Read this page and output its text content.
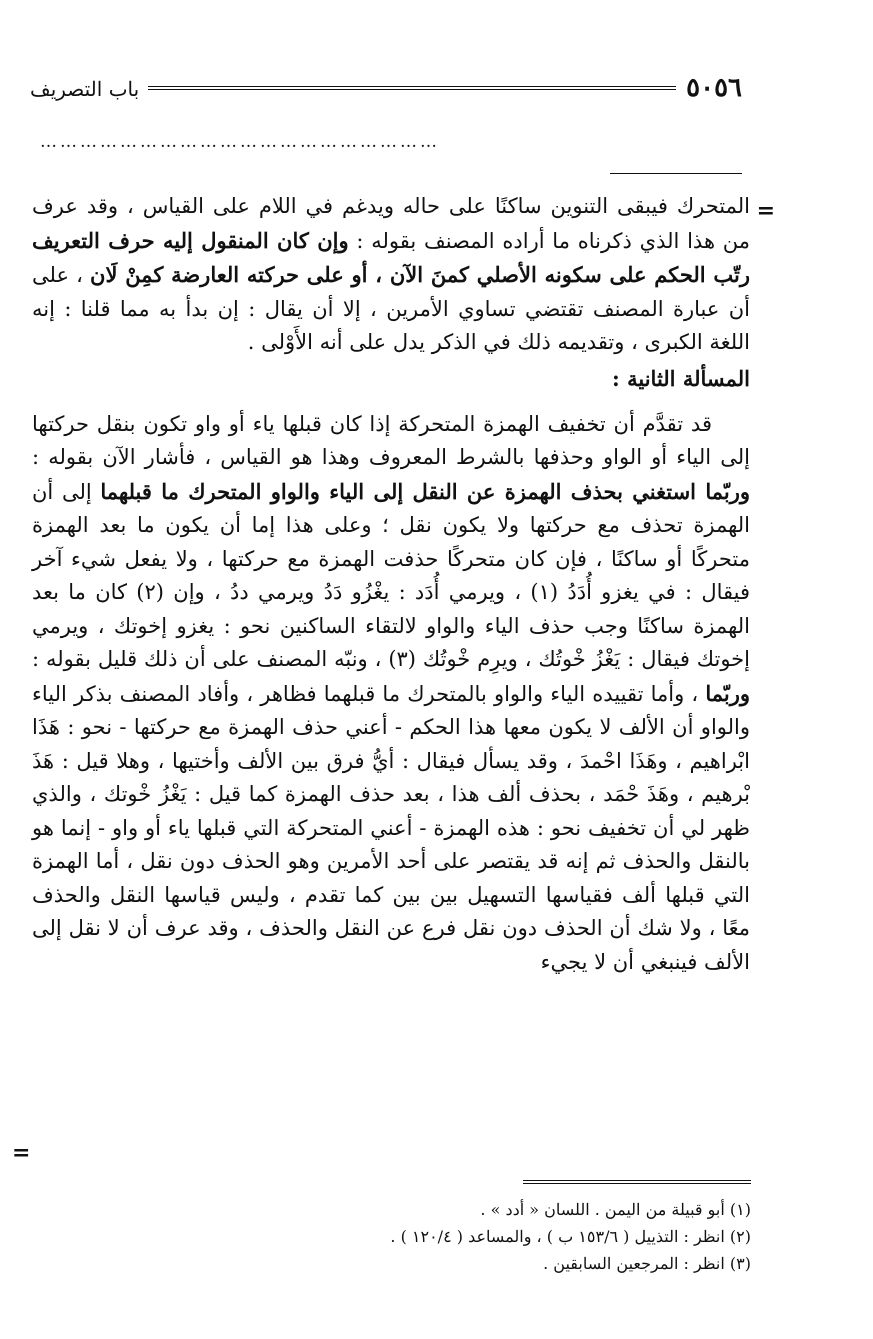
٥٠٥٦
باب التصريف
……………………………………………………
=

المتحرك فيبقى التنوين ساكنًا على حاله ويدغم في اللام على القياس ، وقد عرف من هذا الذي ذكرناه ما أراده المصنف بقوله : وإن كان المنقول إليه حرف التعريف رتّب الحكم على سكونه الأصلي كمنَ الآن ، أو على حركته العارضة كمِنْ لَان ، على أن عبارة المصنف تقتضي تساوي الأمرين ، إلا أن يقال : إن بدأ به مما قلنا : إنه اللغة الكبرى ، وتقديمه ذلك في الذكر يدل على أنه الأَوْلى .

المسألة الثانية :

قد تقدَّم أن تخفيف الهمزة المتحركة إذا كان قبلها ياء أو واو تكون بنقل حركتها إلى الياء أو الواو وحذفها بالشرط المعروف وهذا هو القياس ، فأشار الآن بقوله : وربّما استغني بحذف الهمزة عن النقل إلى الياء والواو المتحرك ما قبلهما إلى أن الهمزة تحذف مع حركتها ولا يكون نقل ؛ وعلى هذا إما أن يكون ما بعد الهمزة متحركًا أو ساكنًا ، فإن كان متحركًا حذفت الهمزة مع حركتها ، ولا يفعل شيء آخر فيقال : في يغزو أُدَدُ (١) ، ويرمي أُدَد : يغْزُو دَدُ ويرمي ددُ ، وإن (٢) كان ما بعد الهمزة ساكنًا وجب حذف الياء والواو لالتقاء الساكنين نحو : يغزو إخوتك ، ويرمي إخوتك فيقال : يَغْزُ خْوتُك ، ويرِم خْوتُك (٣) ، ونبّه المصنف على أن ذلك قليل بقوله : وربّما ، وأما تقييده الياء والواو بالمتحرك ما قبلهما فظاهر ، وأفاد المصنف بذكر الياء والواو أن الألف لا يكون معها هذا الحكم - أعني حذف الهمزة مع حركتها - نحو : هَذَا ابْراهيم ، وهَذَا احْمدَ ، وقد يسأل فيقال : أيُّ فرق بين الألف وأختيها ، وهلا قيل : هَذَ بْرهيم ، وهَذَ حْمَد ، بحذف ألف هذا ، بعد حذف الهمزة كما قيل : يَغْزُ خْوتك ، والذي ظهر لي أن تخفيف نحو : هذه الهمزة - أعني المتحركة التي قبلها ياء أو واو - إنما هو بالنقل والحذف ثم إنه قد يقتصر على أحد الأمرين وهو الحذف دون نقل ، أما الهمزة التي قبلها ألف فقياسها التسهيل بين بين كما تقدم ، وليس قياسها النقل والحذف معًا ، ولا شك أن الحذف دون نقل فرع عن النقل والحذف ، وقد عرف أن لا نقل إلى الألف فينبغي أن لا يجيء

=

(١) أبو قبيلة من اليمن . اللسان « أدد » .

(٢) انظر : التذييل ( ١٥٣/٦ ب ) ، والمساعد ( ١٢٠/٤ ) .

(٣) انظر : المرجعين السابقين .
